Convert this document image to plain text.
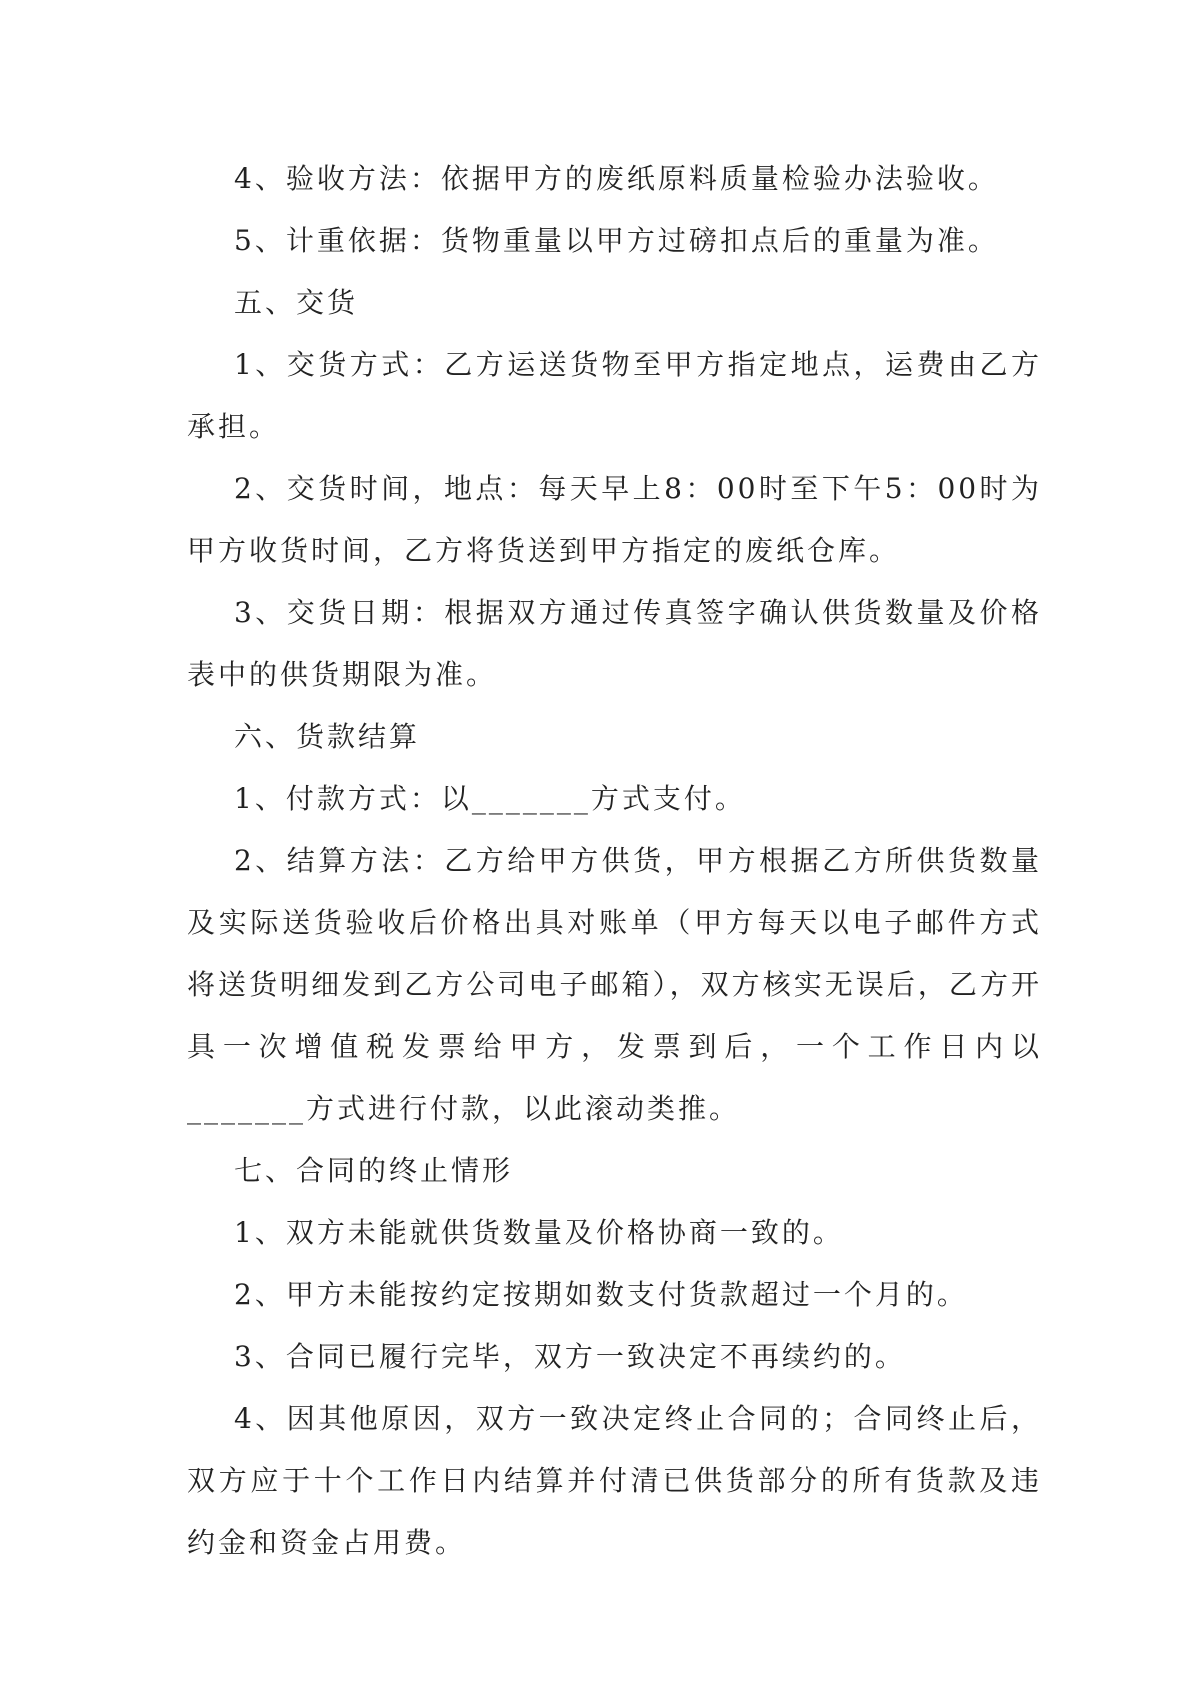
4、验收方法：依据甲方的废纸原料质量检验办法验收。

5、计重依据：货物重量以甲方过磅扣点后的重量为准。

五、交货

1、交货方式：乙方运送货物至甲方指定地点，运费由乙方承担。

2、交货时间，地点：每天早上8：00时至下午5：00时为甲方收货时间，乙方将货送到甲方指定的废纸仓库。

3、交货日期：根据双方通过传真签字确认供货数量及价格表中的供货期限为准。

六、货款结算

1、付款方式：以_______方式支付。

2、结算方法：乙方给甲方供货，甲方根据乙方所供货数量及实际送货验收后价格出具对账单（甲方每天以电子邮件方式将送货明细发到乙方公司电子邮箱），双方核实无误后，乙方开具一次增值税发票给甲方，发票到后，一个工作日内以_______方式进行付款，以此滚动类推。

七、合同的终止情形

1、双方未能就供货数量及价格协商一致的。

2、甲方未能按约定按期如数支付货款超过一个月的。

3、合同已履行完毕，双方一致决定不再续约的。

4、因其他原因，双方一致决定终止合同的；合同终止后，双方应于十个工作日内结算并付清已供货部分的所有货款及违约金和资金占用费。
